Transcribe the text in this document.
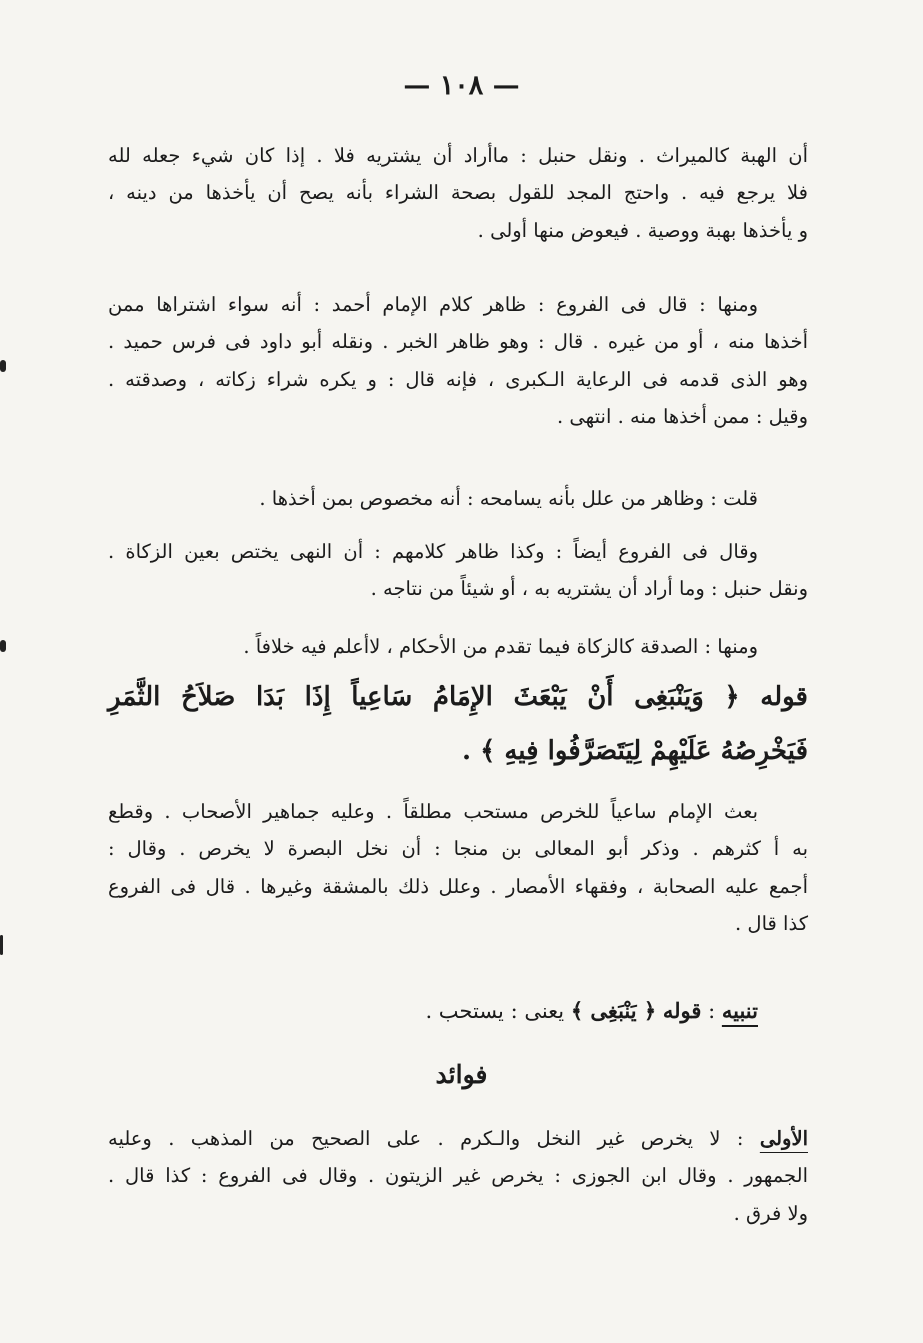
— ١٠٨ —
أن الهبة كالميراث . ونقل حنبل : ماأراد أن يشتريه فلا . إذا كان شيء جعله لله
فلا يرجع فيه . واحتج المجد للقول بصحة الشراء بأنه يصح أن يأخذها من دينه ،
و يأخذها بهبة ووصية . فيعوض منها أولى .
ومنها : قال فى الفروع : ظاهر كلام الإمام أحمد : أنه سواء اشتراها ممن
أخذها منه ، أو من غيره . قال : وهو ظاهر الخبر . ونقله أبو داود فى فرس حميد .
وهو الذى قدمه فى الرعاية الـكبرى ، فإنه قال : و يكره شراء زكاته ، وصدقته .
وقيل : ممن أخذها منه . انتهى .
قلت : وظاهر من علل بأنه يسامحه : أنه مخصوص بمن أخذها .
وقال فى الفروع أيضاً : وكذا ظاهر كلامهم : أن النهى يختص بعين الزكاة .
ونقل حنبل : وما أراد أن يشتريه به ، أو شيئاً من نتاجه .
ومنها : الصدقة كالزكاة فيما تقدم من الأحكام ، لاأعلم فيه خلافاً .
قوله ﴿ وَيَنْبَغِى أَنْ يَبْعَثَ الإِمَامُ سَاعِياً إِذَا بَدَا صَلاَحُ الثَّمَرِ
فَيَخْرِصُهُ عَلَيْهِمْ لِيَتَصَرَّفُوا فِيهِ ﴾ .
بعث الإمام ساعياً للخرص مستحب مطلقاً . وعليه جماهير الأصحاب . وقطع
به أ كثرهم . وذكر أبو المعالى بن منجا : أن نخل البصرة لا يخرص . وقال :
أجمع عليه الصحابة ، وفقهاء الأمصار . وعلل ذلك بالمشقة وغيرها . قال فى الفروع
كذا قال .
تنبيه : قوله ﴿ يَنْبَغِى ﴾ يعنى : يستحب .
فوائد
الأولى : لا يخرص غير النخل والـكرم . على الصحيح من المذهب . وعليه
الجمهور . وقال ابن الجوزى : يخرص غير الزيتون . وقال فى الفروع : كذا قال .
ولا فرق .
